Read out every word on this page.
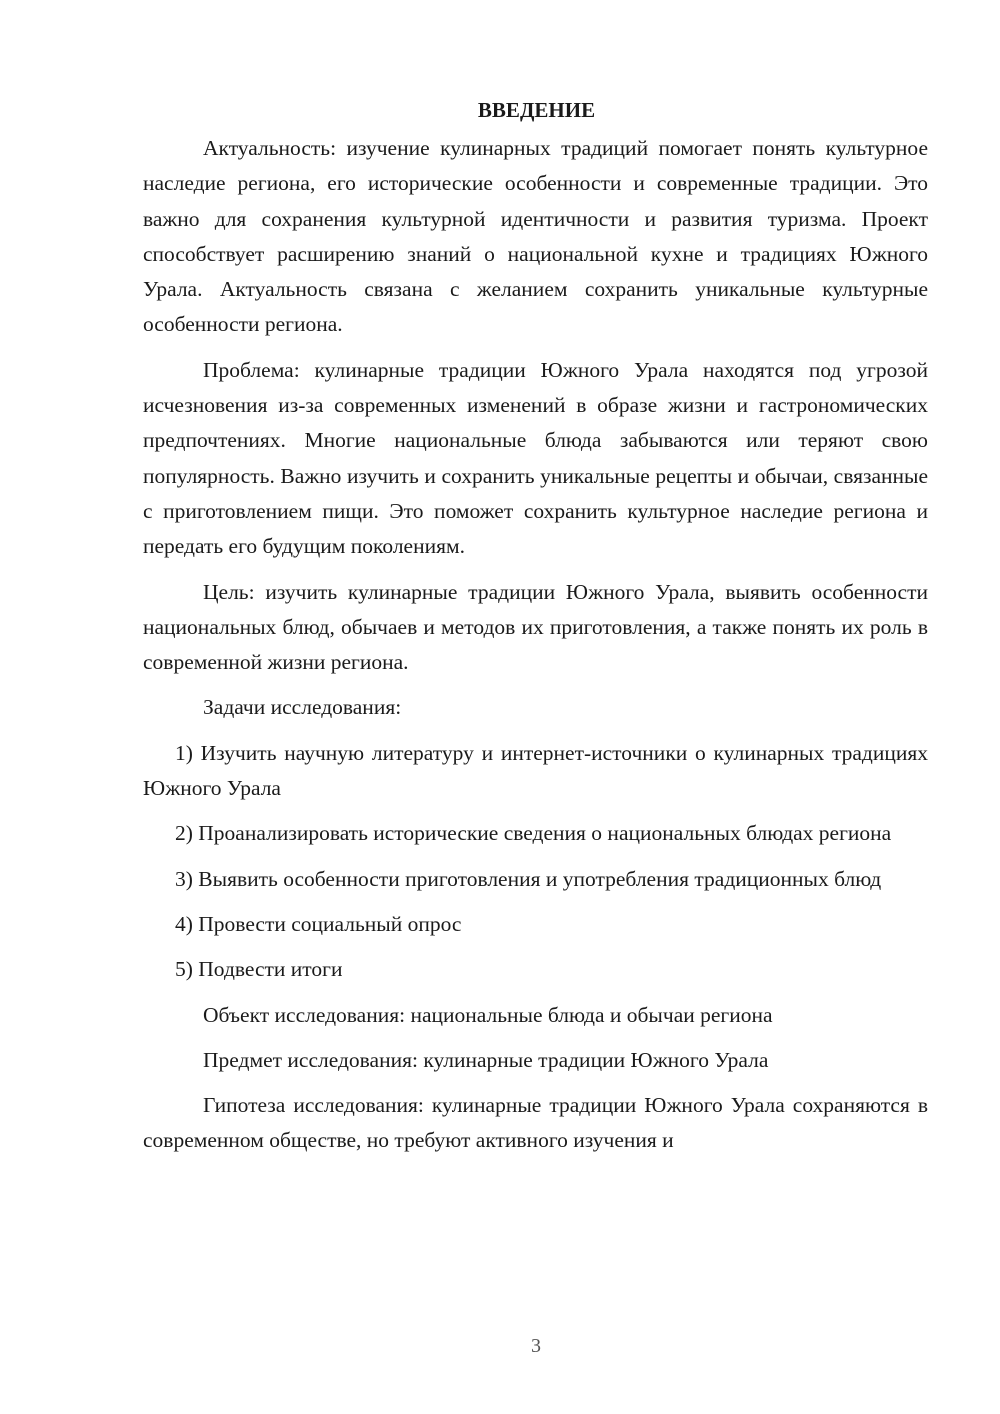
ВВЕДЕНИЕ

Актуальность: изучение кулинарных традиций помогает понять культурное наследие региона, его исторические особенности и современные традиции. Это важно для сохранения культурной идентичности и развития туризма. Проект способствует расширению знаний о национальной кухне и традициях Южного Урала. Актуальность связана с желанием сохранить уникальные культурные особенности региона.

Проблема: кулинарные традиции Южного Урала находятся под угрозой исчезновения из-за современных изменений в образе жизни и гастрономических предпочтениях. Многие национальные блюда забываются или теряют свою популярность. Важно изучить и сохранить уникальные рецепты и обычаи, связанные с приготовлением пищи. Это поможет сохранить культурное наследие региона и передать его будущим поколениям.

Цель: изучить кулинарные традиции Южного Урала, выявить особенности национальных блюд, обычаев и методов их приготовления, а также понять их роль в современной жизни региона.

Задачи исследования:

1) Изучить научную литературу и интернет-источники о кулинарных традициях Южного Урала

2) Проанализировать исторические сведения о национальных блюдах региона

3) Выявить особенности приготовления и употребления традиционных блюд

4) Провести социальный опрос

5) Подвести итоги

Объект исследования: национальные блюда и обычаи региона

Предмет исследования: кулинарные традиции Южного Урала

Гипотеза исследования: кулинарные традиции Южного Урала сохраняются в современном обществе, но требуют активного изучения и

3
